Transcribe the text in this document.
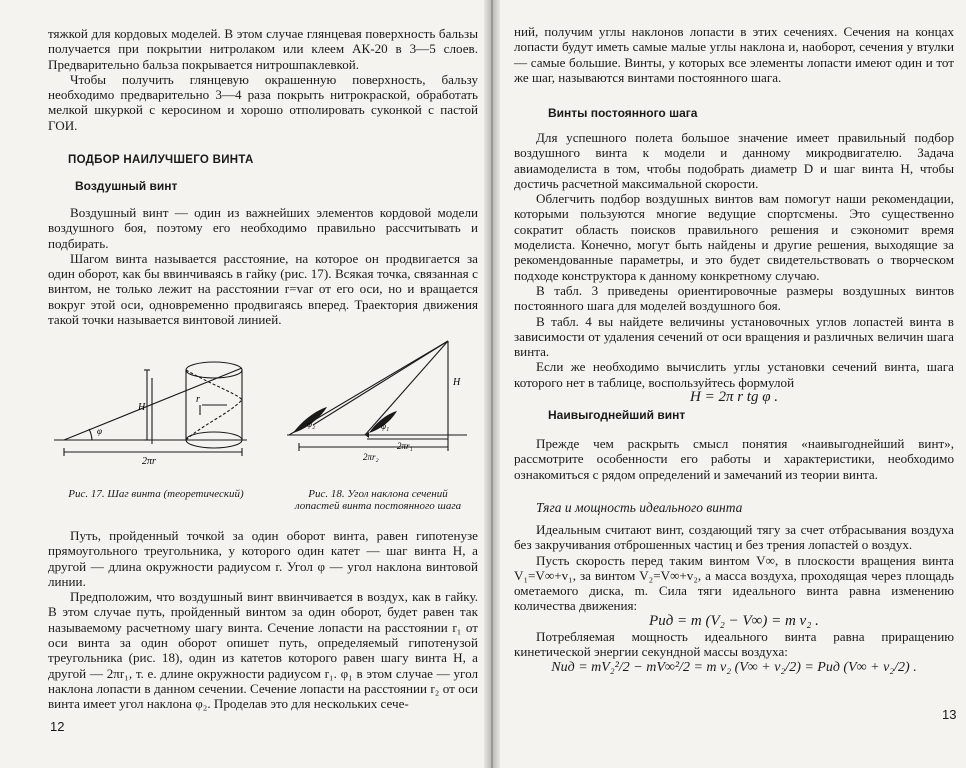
тяжкой для кордовых моделей. В этом случае глянцевая поверхность бальзы получается при покрытии нитролаком или клеем АК-20 в 3—5 слоев. Предварительно бальза покрывается нитрошпаклевкой.

Чтобы получить глянцевую окрашенную поверхность, бальзу необходимо предварительно 3—4 раза покрыть нитрокраской, обработать мелкой шкуркой с керосином и хорошо отполировать суконкой с пастой ГОИ.

ПОДБОР НАИЛУЧШЕГО ВИНТА
Воздушный винт

Воздушный винт — один из важнейших элементов кордовой модели воздушного боя, поэтому его необходимо правильно рассчитывать и подбирать.

Шагом винта называется расстояние, на которое он продвигается за один оборот, как бы ввинчиваясь в гайку (рис. 17). Всякая точка, связанная с винтом, не только лежит на расстоянии r=var от его оси, но и вращается вокруг этой оси, одновременно продвигаясь вперед. Траектория движения такой точки называется винтовой линией.

φ
H
r
2πr
Рис. 17. Шаг винта (теоретический)
φ₂	φ₁
2πr₁
2πr₂
H
Рис. 18. Угол наклона сечений лопастей винта постоянного шага

Путь, пройденный точкой за один оборот винта, равен гипотенузе прямоугольного треугольника, у которого один катет — шаг винта H, а другой — длина окружности радиусом r. Угол φ — угол наклона винтовой линии.

Предположим, что воздушный винт ввинчивается в воздух, как в гайку. В этом случае путь, пройденный винтом за один оборот, будет равен так называемому расчетному шагу винта. Сечение лопасти на расстоянии r₁ от оси винта за один оборот опишет путь, определяемый гипотенузой треугольника (рис. 18), один из катетов которого равен шагу винта H, а другой — 2πr₁, т. е. длине окружности радиусом r₁. φ₁ в этом случае — угол наклона лопасти в данном сечении. Сечение лопасти на расстоянии r₂ от оси винта имеет угол наклона φ₂. Проделав это для нескольких сече-

12

ний, получим углы наклонов лопасти в этих сечениях. Сечения на концах лопасти будут иметь самые малые углы наклона и, наоборот, сечения у втулки — самые большие. Винты, у которых все элементы лопасти имеют один и тот же шаг, называются винтами постоянного шага.

Винты постоянного шага

Для успешного полета большое значение имеет правильный подбор воздушного винта к модели и данному микродвигателю. Задача авиамоделиста в том, чтобы подобрать диаметр D и шаг винта H, чтобы достичь расчетной максимальной скорости.

Облегчить подбор воздушных винтов вам помогут наши рекомендации, которыми пользуются многие ведущие спортсмены. Это существенно сократит область поисков правильного решения и сэкономит время моделиста. Конечно, могут быть найдены и другие решения, выходящие за рекомендованные параметры, и это будет свидетельствовать о творческом подходе конструктора к данному конкретному случаю.

В табл. 3 приведены ориентировочные размеры воздушных винтов постоянного шага для моделей воздушного боя.

В табл. 4 вы найдете величины установочных углов лопастей винта в зависимости от удаления сечений от оси вращения и различных величин шага винта.

Если же необходимо вычислить углы установки сечений винта, шага которого нет в таблице, воспользуйтесь формулой

H = 2π r tg φ .

Наивыгоднейший винт

Прежде чем раскрыть смысл понятия «наивыгоднейший винт», рассмотрите особенности его работы и характеристики, необходимо ознакомиться с рядом определений и замечаний из теории винта.

Тяга и мощность идеального винта

Идеальным считают винт, создающий тягу за счет отбрасывания воздуха без закручивания отброшенных частиц и без трения лопастей о воздух.

Пусть скорость перед таким винтом V∞, в плоскости вращения винта V₁=V∞+v₁, за винтом V₂=V∞+v₂, а масса воздуха, проходящая через площадь ометаемого диска, m. Сила тяги идеального винта равна изменению количества движения:

Pид = m (V₂ − V∞) = m v₂ .

Потребляемая мощность идеального винта равна приращению кинетической энергии секундной массы воздуха:

Nид = mV₂²/2 − mV∞²/2 = m v₂ (V∞ + v₂/2) = Pид (V∞ + v₂/2) .

13
